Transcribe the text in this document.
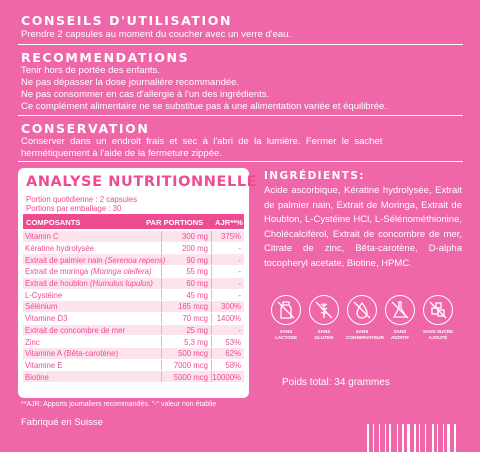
CONSEILS D'UTILISATION
Prendre 2 capsules au moment du coucher avec un verre d'eau.
RECOMMENDATIONS
Tenir hors de portée des enfants.
Ne pas dépasser la dose journalière recommandée.
Ne pas consommer en cas d'allergie à l'un des ingrédients.
Ce complément alimentaire ne se substitue pas à une alimentation variée et équilibrée.
CONSERVATION
Conserver  dans  un  endroit  frais  et  sec  à  l'abri  de  la  lumière.  Fermer  le  sachet
hermétiquement à l'aide de la fermeture zippée.
ANALYSE NUTRITIONNELLE
Portion quotidienne : 2 capsules
Portions par emballage : 30
COMPOSANTS	PAR PORTIONS AJR**%
Vitamin C	300 mg 375%
Kératine hydrolysée	200 mg	-
Extrait de palmier nain (Serenoa repens)	90 mg	-
Extrait de moringa (Moringa oleifera)	55 mg	-
Extrait de houblon (Humulus lupulus)	60 mg	-
L-Cystéine	45 mg	-
Sélénium	165 mcg 300%
Vitamine D3	70 mcg 1400%
Extrait de concombre de mer	25 mg	-
Zinc	5,3 mg 53%
Vitamine A (Bêta-carotène)	500 mcg 62%
Vitamine E	7000 mcg 58%
Biotine	5000 mcg 10000%
**AJR: Apports journaliers recommandés. "-" valeur non établie
Fabriqué en Suisse
INGRÉDIENTS:
Acide ascorbique, Kératine hydrolysée, Extrait de palmier nain, Extrait de Moringa, Extrait de Houblon, L-Cystéine HCl, L-Sélénométhionine, Cholécalciférol, Extrait de concombre de mer, Citrate de zinc, Bêta-carotène, D-alpha tocopheryl acetate, Biotine, HPMC.
SANS
LACTOSE
SANS
GLUTEN
SANS
CONSERVATEUR
SANS
ADDITIF
SANS SUCRE
AJOUTÉ
Poids total: 34 grammes
